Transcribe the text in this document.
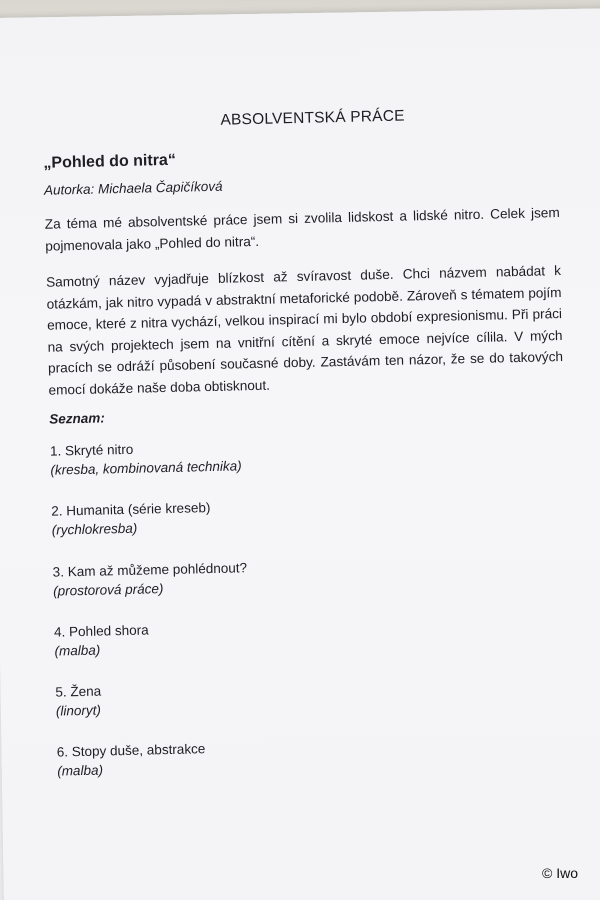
ABSOLVENTSKÁ PRÁCE
„Pohled do nitra“
Autorka: Michaela Čapičíková

Za téma mé absolventské práce jsem si zvolila lidskost a lidské nitro. Celek jsem pojmenovala jako „Pohled do nitra“.

Samotný název vyjadřuje blízkost až svíravost duše. Chci názvem nabádat k otázkám, jak nitro vypadá v abstraktní metaforické podobě. Zároveň s tématem pojím emoce, které z nitra vychází, velkou inspirací mi bylo období expresionismu. Při práci na svých projektech jsem na vnitřní cítění a skryté emoce nejvíce cílila. V mých pracích se odráží působení současné doby. Zastávám ten názor, že se do takových emocí dokáže naše doba obtisknout.

Seznam:
1. Skryté nitro
(kresba, kombinovaná technika)
2. Humanita (série kreseb)
(rychlokresba)
3. Kam až můžeme pohlédnout?
(prostorová práce)
4. Pohled shora
(malba)
5. Žena
(linoryt)
6. Stopy duše, abstrakce
(malba)
© Iwo
